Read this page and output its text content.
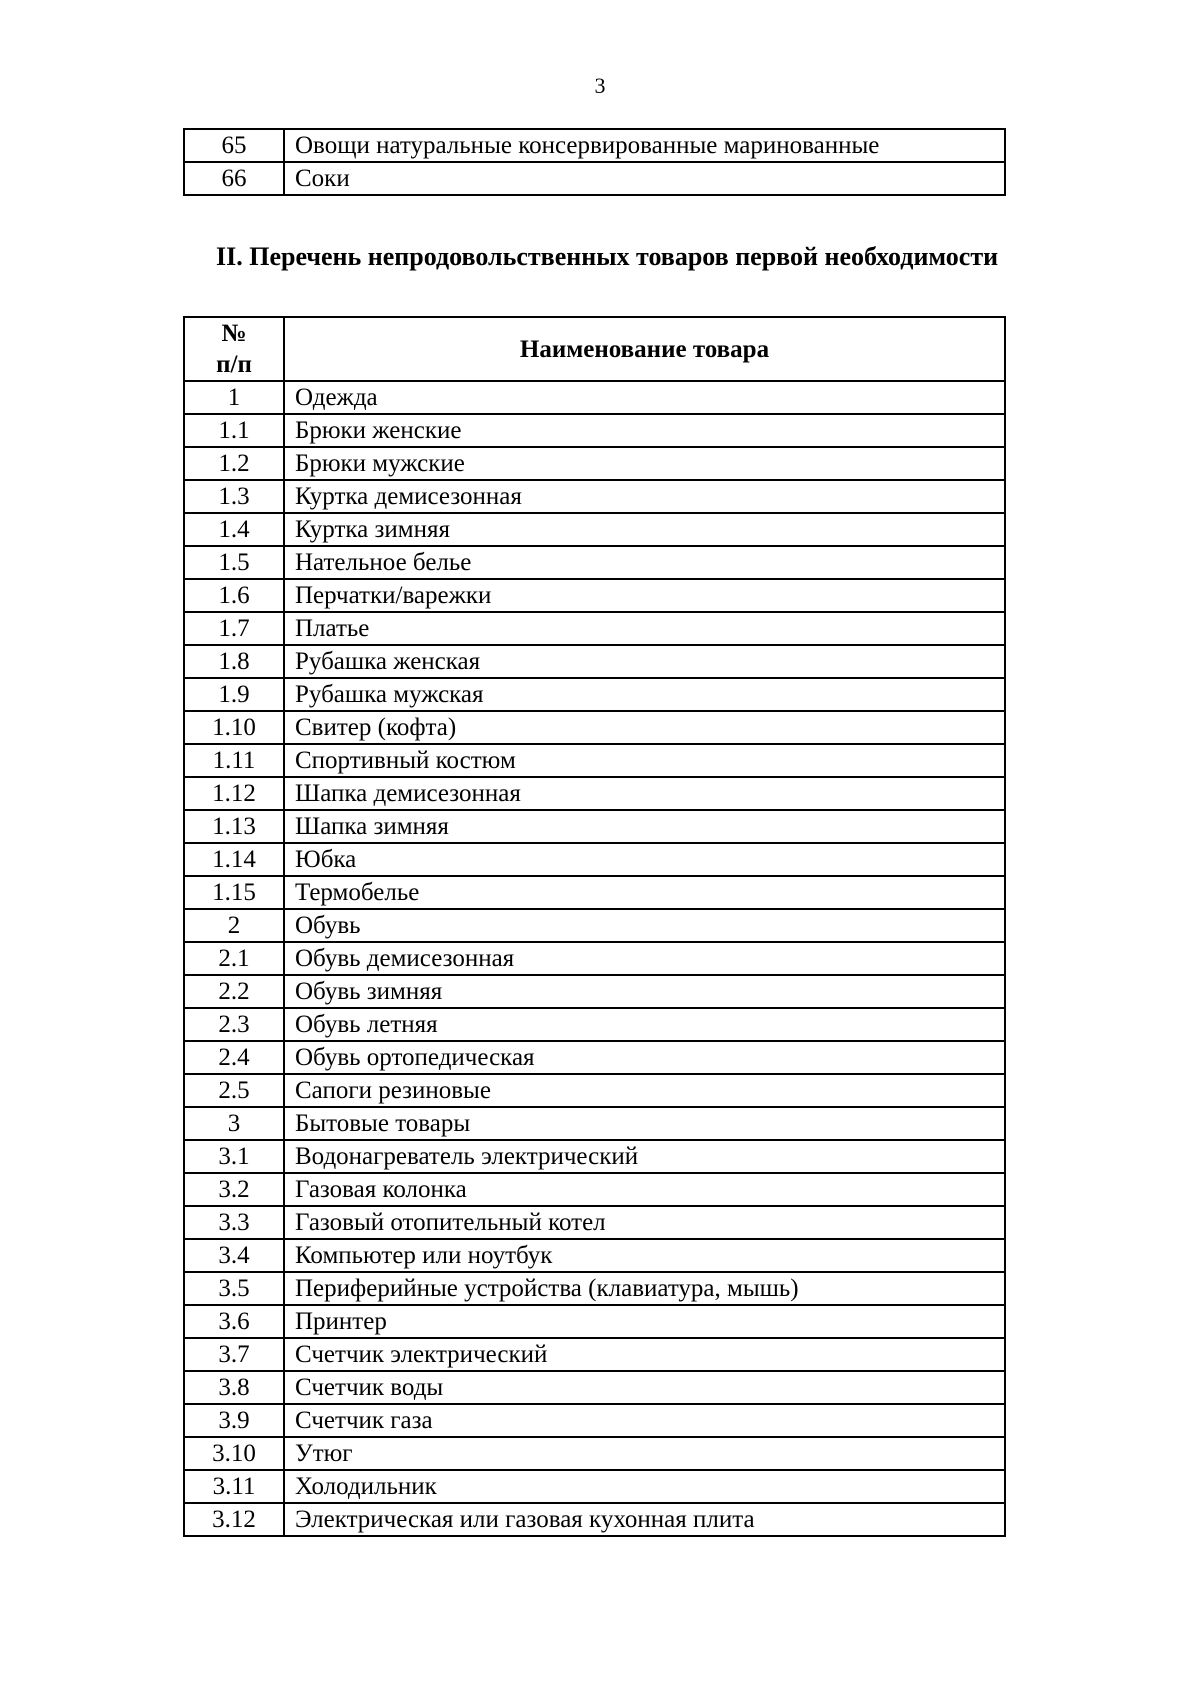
3
65	Овощи натуральные консервированные маринованные
66	Соки
II. Перечень непродовольственных товаров первой необходимости
№
п/п	Наименование товара
1	Одежда
1.1	Брюки женские
1.2	Брюки мужские
1.3	Куртка демисезонная
1.4	Куртка зимняя
1.5	Нательное белье
1.6	Перчатки/варежки
1.7	Платье
1.8	Рубашка женская
1.9	Рубашка мужская
1.10	Свитер (кофта)
1.11	Спортивный костюм
1.12	Шапка демисезонная
1.13	Шапка зимняя
1.14	Юбка
1.15	Термобелье
2	Обувь
2.1	Обувь демисезонная
2.2	Обувь зимняя
2.3	Обувь летняя
2.4	Обувь ортопедическая
2.5	Сапоги резиновые
3	Бытовые товары
3.1	Водонагреватель электрический
3.2	Газовая колонка
3.3	Газовый отопительный котел
3.4	Компьютер или ноутбук
3.5	Периферийные устройства (клавиатура, мышь)
3.6	Принтер
3.7	Счетчик электрический
3.8	Счетчик воды
3.9	Счетчик газа
3.10	Утюг
3.11	Холодильник
3.12	Электрическая или газовая кухонная плита
